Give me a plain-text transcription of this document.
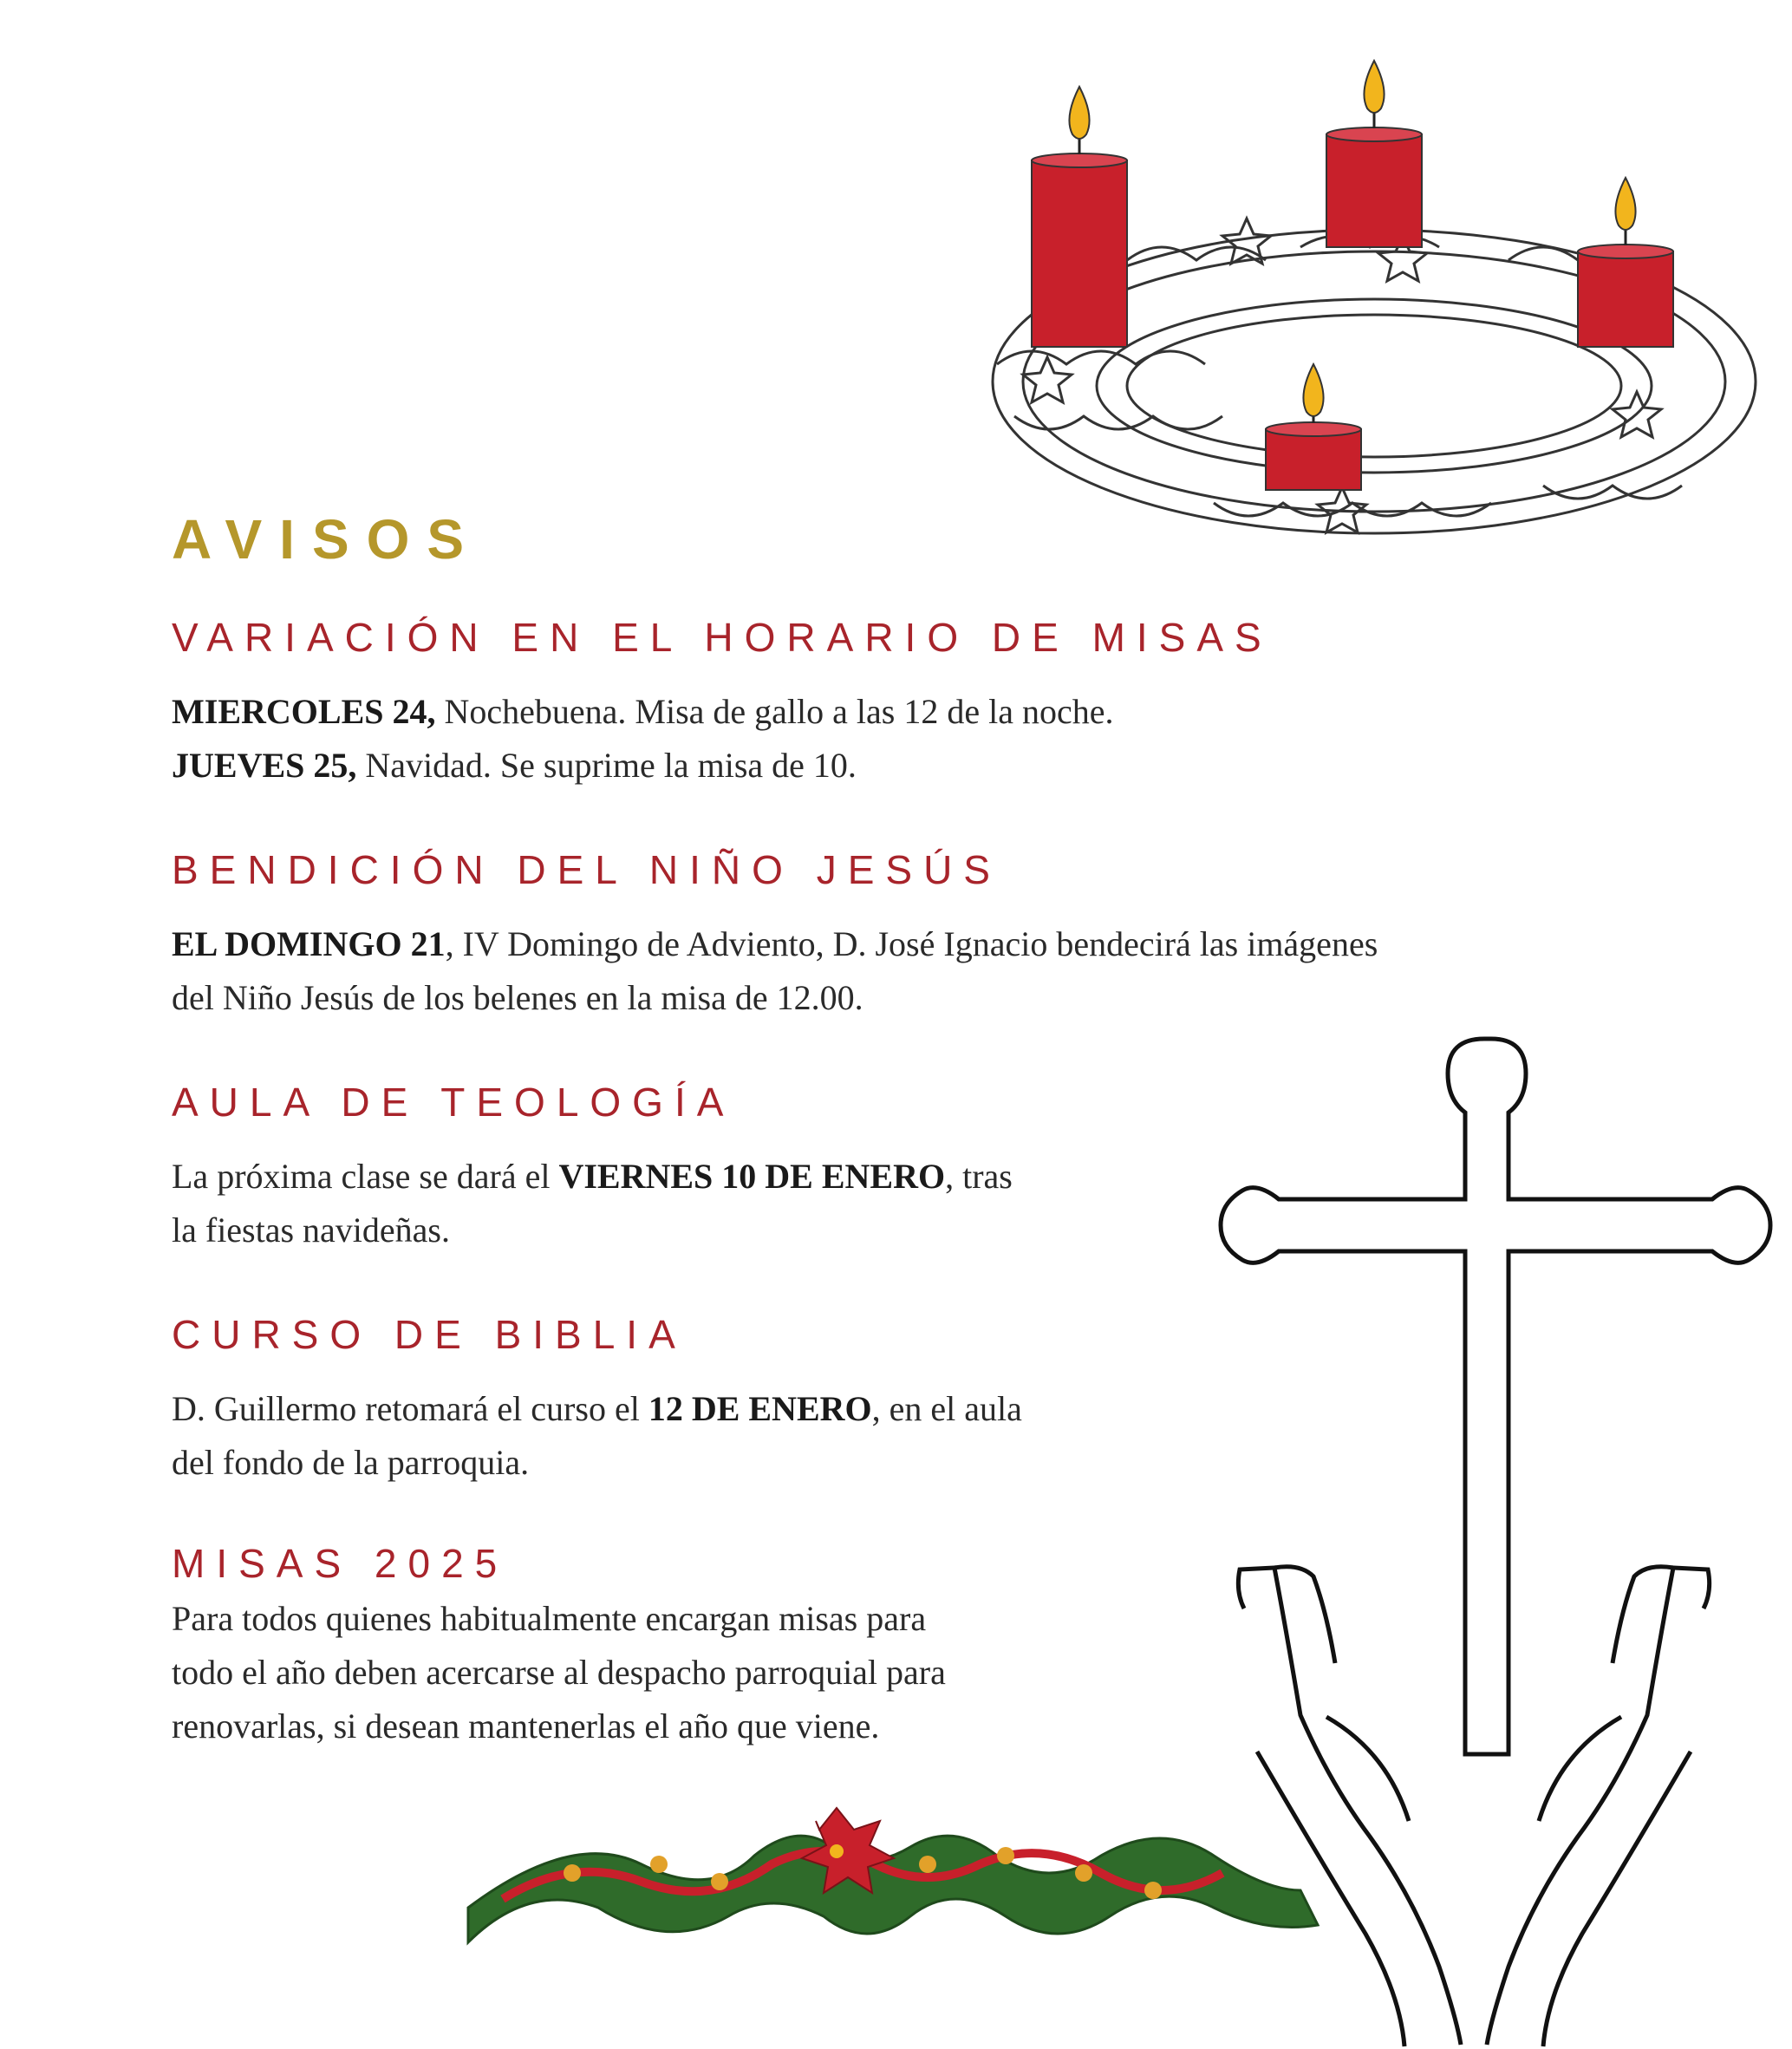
AVISOS
VARIACIÓN EN EL HORARIO DE MISAS

MIERCOLES 24, Nochebuena. Misa de gallo a las 12 de la noche.
JUEVES 25, Navidad. Se suprime la misa de 10.

BENDICIÓN DEL NIÑO JESÚS

EL DOMINGO 21, IV Domingo de Adviento, D. José Ignacio bendecirá las imágenes
del Niño Jesús de los belenes en la misa de 12.00.

AULA DE TEOLOGÍA

La próxima clase se dará el VIERNES 10 DE ENERO, tras
la fiestas navideñas.

CURSO DE BIBLIA

D. Guillermo retomará el curso el 12 DE ENERO, en el aula
del fondo de la parroquia.

MISAS 2025

Para todos quienes habitualmente encargan misas para
todo el año deben acercarse al despacho parroquial para
renovarlas, si desean mantenerlas el año que viene.
